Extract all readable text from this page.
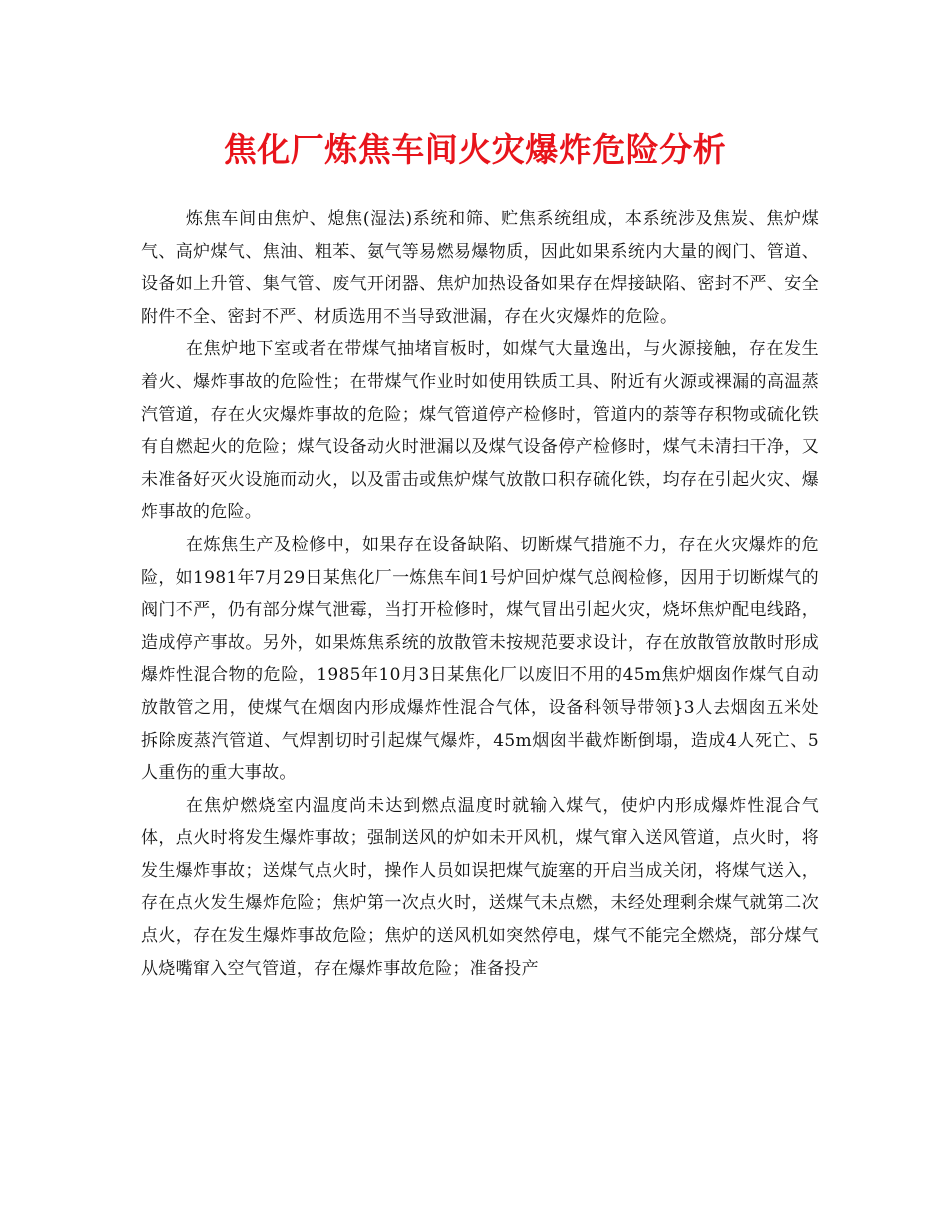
焦化厂炼焦车间火灾爆炸危险分析

炼焦车间由焦炉、熄焦(湿法)系统和筛、贮焦系统组成，本系统涉及焦炭、焦炉煤气、高炉煤气、焦油、粗苯、氨气等易燃易爆物质，因此如果系统内大量的阀门、管道、设备如上升管、集气管、废气开闭器、焦炉加热设备如果存在焊接缺陷、密封不严、安全附件不全、密封不严、材质选用不当导致泄漏，存在火灾爆炸的危险。

在焦炉地下室或者在带煤气抽堵盲板时，如煤气大量逸出，与火源接触，存在发生着火、爆炸事故的危险性；在带煤气作业时如使用铁质工具、附近有火源或裸漏的高温蒸汽管道，存在火灾爆炸事故的危险；煤气管道停产检修时，管道内的萘等存积物或硫化铁有自燃起火的危险；煤气设备动火时泄漏以及煤气设备停产检修时，煤气未清扫干净，又未准备好灭火设施而动火，以及雷击或焦炉煤气放散口积存硫化铁，均存在引起火灾、爆炸事故的危险。

在炼焦生产及检修中，如果存在设备缺陷、切断煤气措施不力，存在火灾爆炸的危险，如1981年7月29日某焦化厂一炼焦车间1号炉回炉煤气总阀检修，因用于切断煤气的阀门不严，仍有部分煤气泄霉，当打开检修时，煤气冒出引起火灾，烧坏焦炉配电线路，造成停产事故。另外，如果炼焦系统的放散管未按规范要求设计，存在放散管放散时形成爆炸性混合物的危险，1985年10月3日某焦化厂以废旧不用的45m焦炉烟囱作煤气自动放散管之用，使煤气在烟囱内形成爆炸性混合气体，设备科领导带领}3人去烟囱五米处拆除废蒸汽管道、气焊割切时引起煤气爆炸，45m烟囱半截炸断倒塌，造成4人死亡、5人重伤的重大事故。

在焦炉燃烧室内温度尚未达到燃点温度时就输入煤气，使炉内形成爆炸性混合气体，点火时将发生爆炸事故；强制送风的炉如未开风机，煤气窜入送风管道，点火时，将发生爆炸事故；送煤气点火时，操作人员如误把煤气旋塞的开启当成关闭，将煤气送入，存在点火发生爆炸危险；焦炉第一次点火时，送煤气未点燃，未经处理剩余煤气就第二次点火，存在发生爆炸事故危险；焦炉的送风机如突然停电，煤气不能完全燃烧，部分煤气从烧嘴窜入空气管道，存在爆炸事故危险；准备投产
